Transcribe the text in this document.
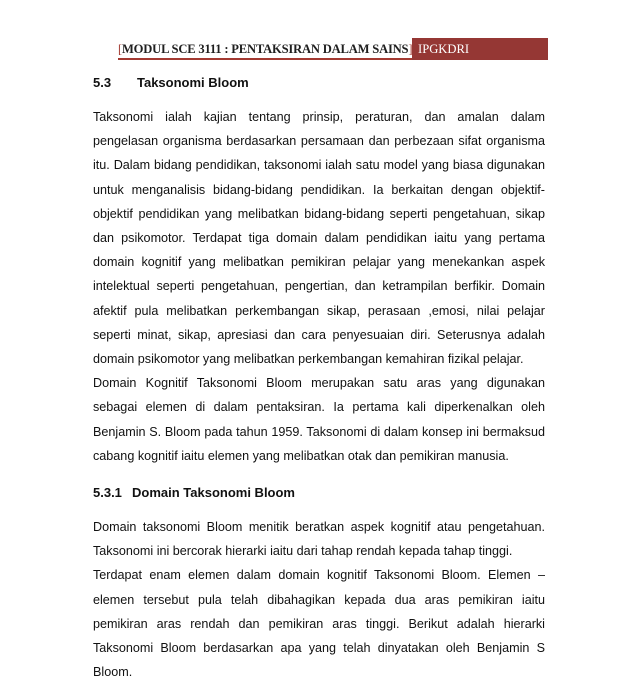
[MODUL SCE 3111 : PENTAKSIRAN DALAM SAINS] IPGKDRI
5.3	Taksonomi Bloom
Taksonomi ialah kajian tentang prinsip, peraturan, dan amalan dalam
pengelasan organisma berdasarkan persamaan dan perbezaan sifat organisma
itu. Dalam bidang pendidikan, taksonomi ialah satu model yang biasa digunakan
untuk menganalisis bidang-bidang pendidikan. Ia berkaitan dengan objektif-
objektif pendidikan yang melibatkan bidang-bidang seperti pengetahuan, sikap
dan psikomotor. Terdapat tiga domain dalam pendidikan iaitu yang pertama
domain kognitif yang melibatkan pemikiran pelajar yang menekankan aspek
intelektual seperti pengetahuan, pengertian, dan ketrampilan berfikir. Domain
afektif pula melibatkan perkembangan sikap, perasaan ,emosi, nilai pelajar
seperti minat, sikap, apresiasi dan cara penyesuaian diri. Seterusnya adalah
domain psikomotor yang melibatkan perkembangan kemahiran fizikal pelajar.
Domain Kognitif Taksonomi Bloom merupakan satu aras yang digunakan
sebagai elemen di dalam pentaksiran. Ia pertama kali diperkenalkan oleh
Benjamin S. Bloom pada tahun 1959. Taksonomi di dalam konsep ini bermaksud
cabang kognitif iaitu elemen yang melibatkan otak dan pemikiran manusia.
5.3.1 Domain Taksonomi Bloom
Domain taksonomi Bloom menitik beratkan aspek kognitif atau pengetahuan.
Taksonomi ini bercorak hierarki iaitu dari tahap rendah kepada tahap tinggi.
Terdapat enam elemen dalam domain kognitif Taksonomi Bloom. Elemen –
elemen tersebut pula telah dibahagikan kepada dua aras pemikiran iaitu
pemikiran aras rendah dan pemikiran aras tinggi. Berikut adalah hierarki
Taksonomi Bloom berdasarkan apa yang telah dinyatakan oleh Benjamin S
Bloom.
